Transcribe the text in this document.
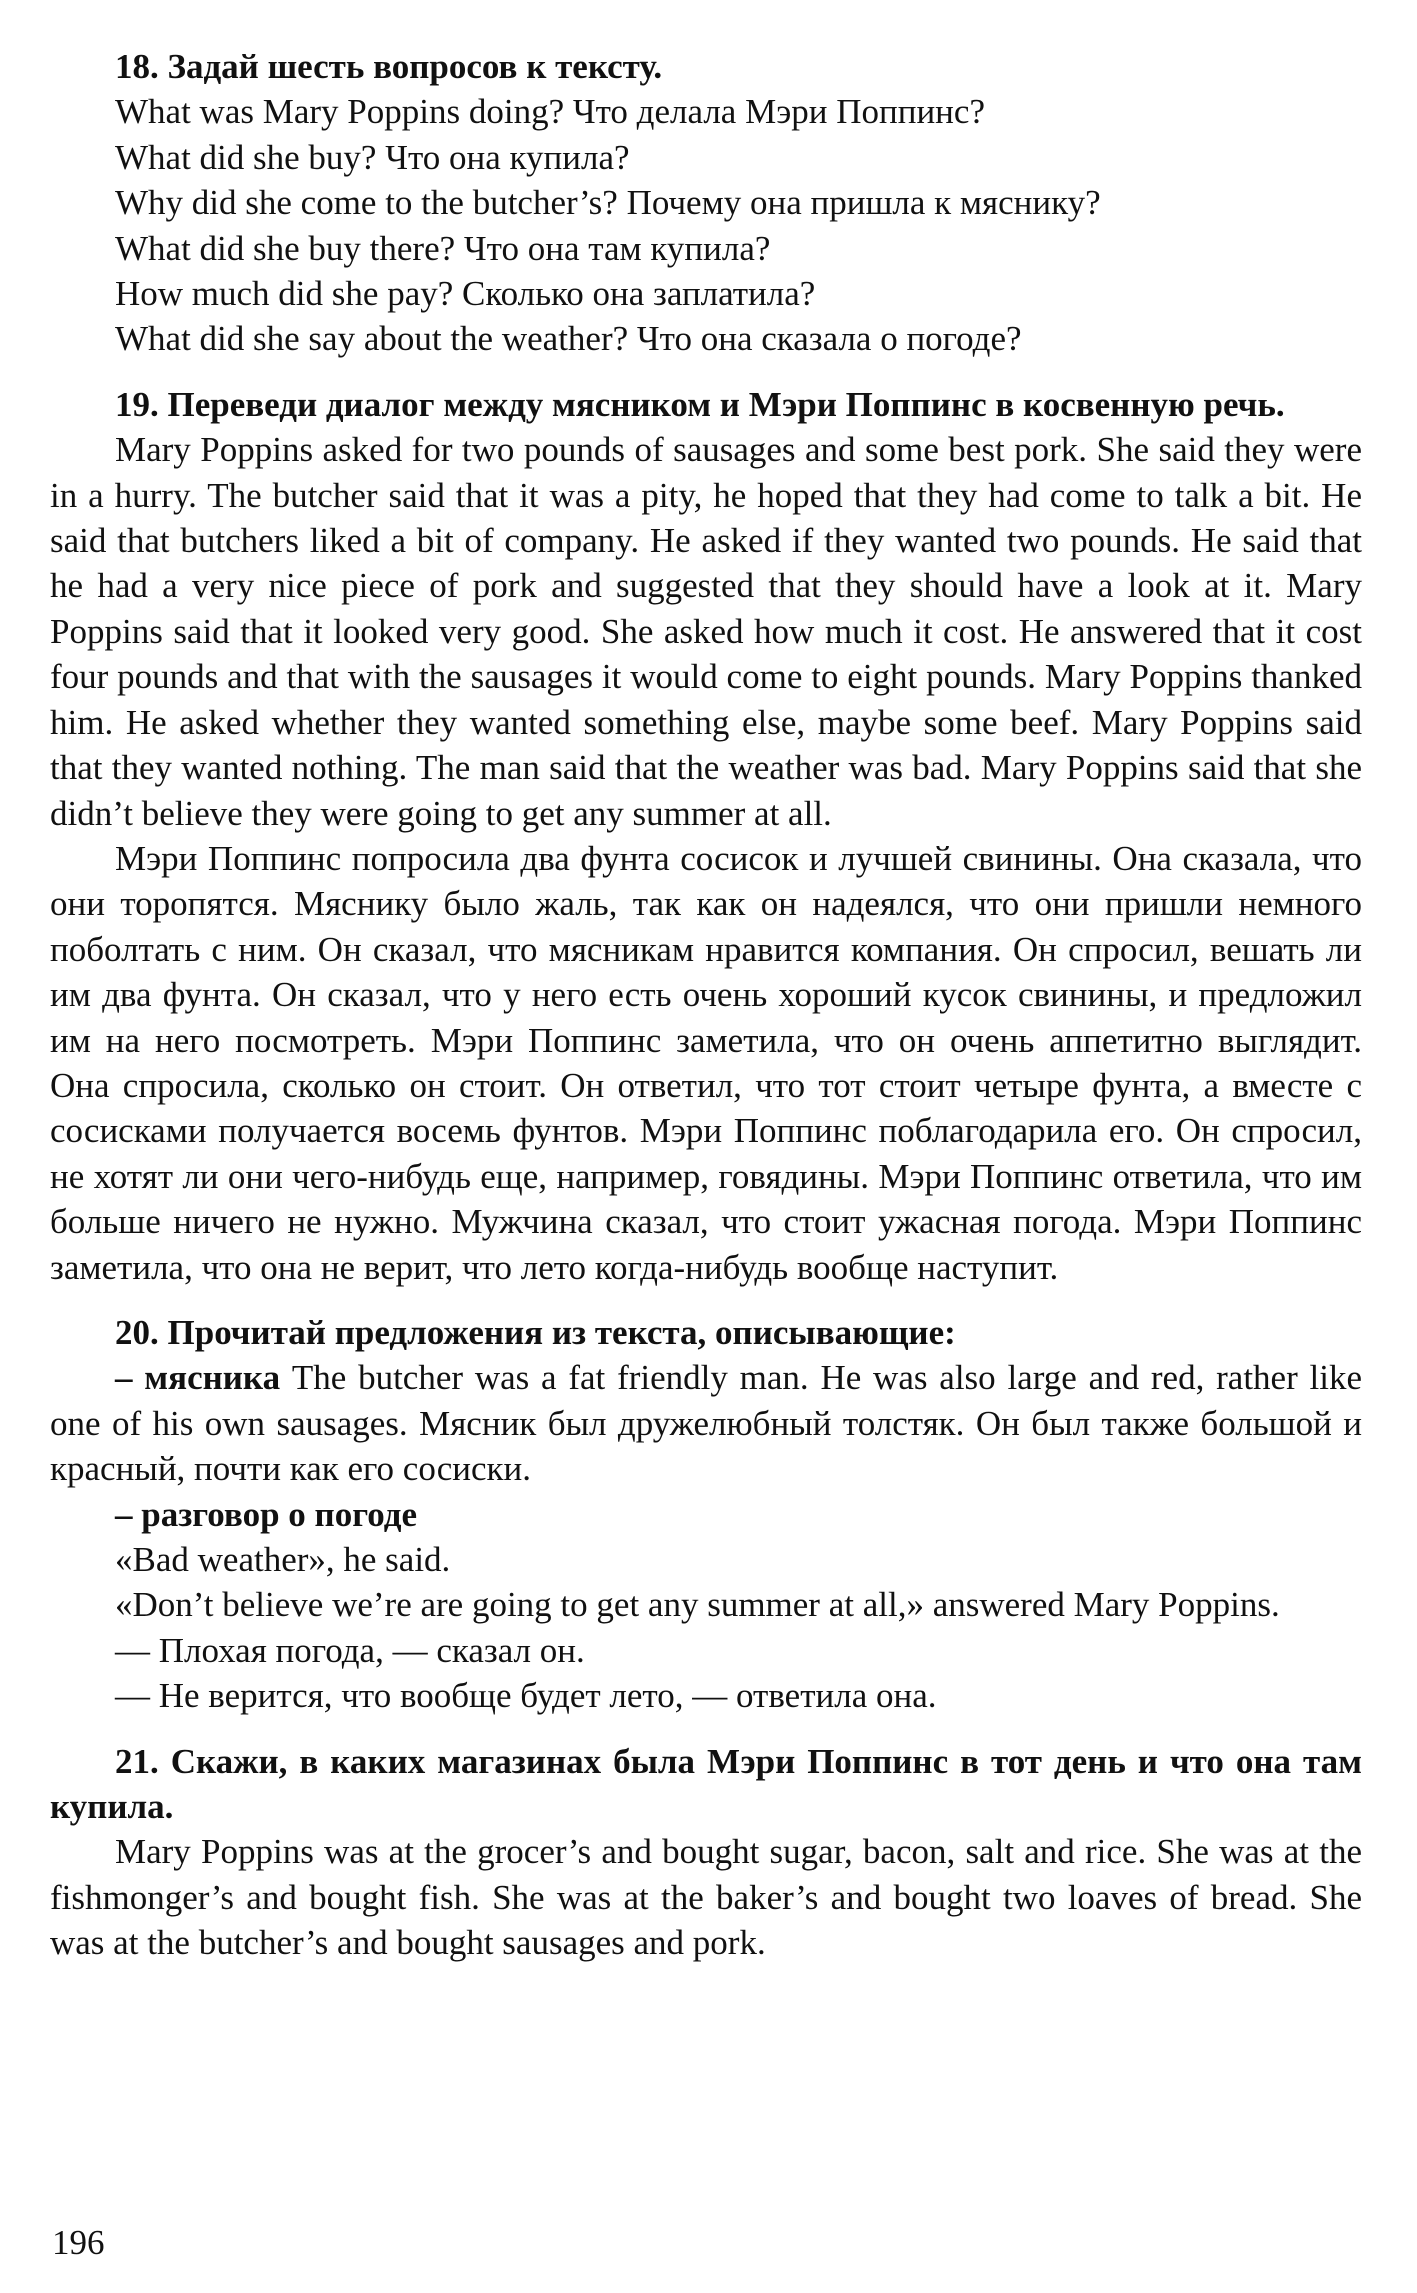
18. Задай шесть вопросов к тексту.
What was Mary Poppins doing? Что делала Мэри Поппинс?
What did she buy? Что она купила?
Why did she come to the butcher’s? Почему она пришла к мяснику?
What did she buy there? Что она там купила?
How much did she pay? Сколько она заплатила?
What did she say about the weather? Что она сказала о погоде?
19. Переведи диалог между мясником и Мэри Поппинс в косвенную речь.

Mary Poppins asked for two pounds of sausages and some best pork. She said they were in a hurry. The butcher said that it was a pity, he hoped that they had come to talk a bit. He said that butchers liked a bit of company. He asked if they wanted two pounds. He said that he had a very nice piece of pork and suggested that they should have a look at it. Mary Poppins said that it looked very good. She asked how much it cost. He answered that it cost four pounds and that with the sausages it would come to eight pounds. Mary Poppins thanked him. He asked whether they wanted something else, maybe some beef. Mary Poppins said that they wanted nothing. The man said that the weather was bad. Mary Poppins said that she didn’t believe they were going to get any summer at all.

Мэри Поппинс попросила два фунта сосисок и лучшей свинины. Она сказала, что они торопятся. Мяснику было жаль, так как он надеялся, что они пришли немного поболтать с ним. Он сказал, что мясникам нравится компания. Он спросил, вешать ли им два фунта. Он сказал, что у него есть очень хороший кусок свинины, и предложил им на него посмотреть. Мэри Поппинс заметила, что он очень аппетитно выглядит. Она спросила, сколько он стоит. Он ответил, что тот стоит четыре фунта, а вместе с сосисками получается восемь фунтов. Мэри Поппинс поблагодарила его. Он спросил, не хотят ли они чего-нибудь еще, например, говядины. Мэри Поппинс ответила, что им больше ничего не нужно. Мужчина сказал, что стоит ужасная погода. Мэри Поппинс заметила, что она не верит, что лето когда-нибудь вообще наступит.

20. Прочитай предложения из текста, описывающие:

– мясника The butcher was a fat friendly man. He was also large and red, rather like one of his own sausages. Мясник был дружелюбный толстяк. Он был также большой и красный, почти как его сосиски.

– разговор о погоде
«Bad weather», he said.

«Don’t believe we’re are going to get any summer at all,» answered Mary Poppins.

— Плохая погода, — сказал он.
— Не верится, что вообще будет лето, — ответила она.
21. Скажи, в каких магазинах была Мэри Поппинс в тот день и что она там купила.

Mary Poppins was at the grocer’s and bought sugar, bacon, salt and rice. She was at the fishmonger’s and bought fish. She was at the baker’s and bought two loaves of bread. She was at the butcher’s and bought sausages and pork.

196
